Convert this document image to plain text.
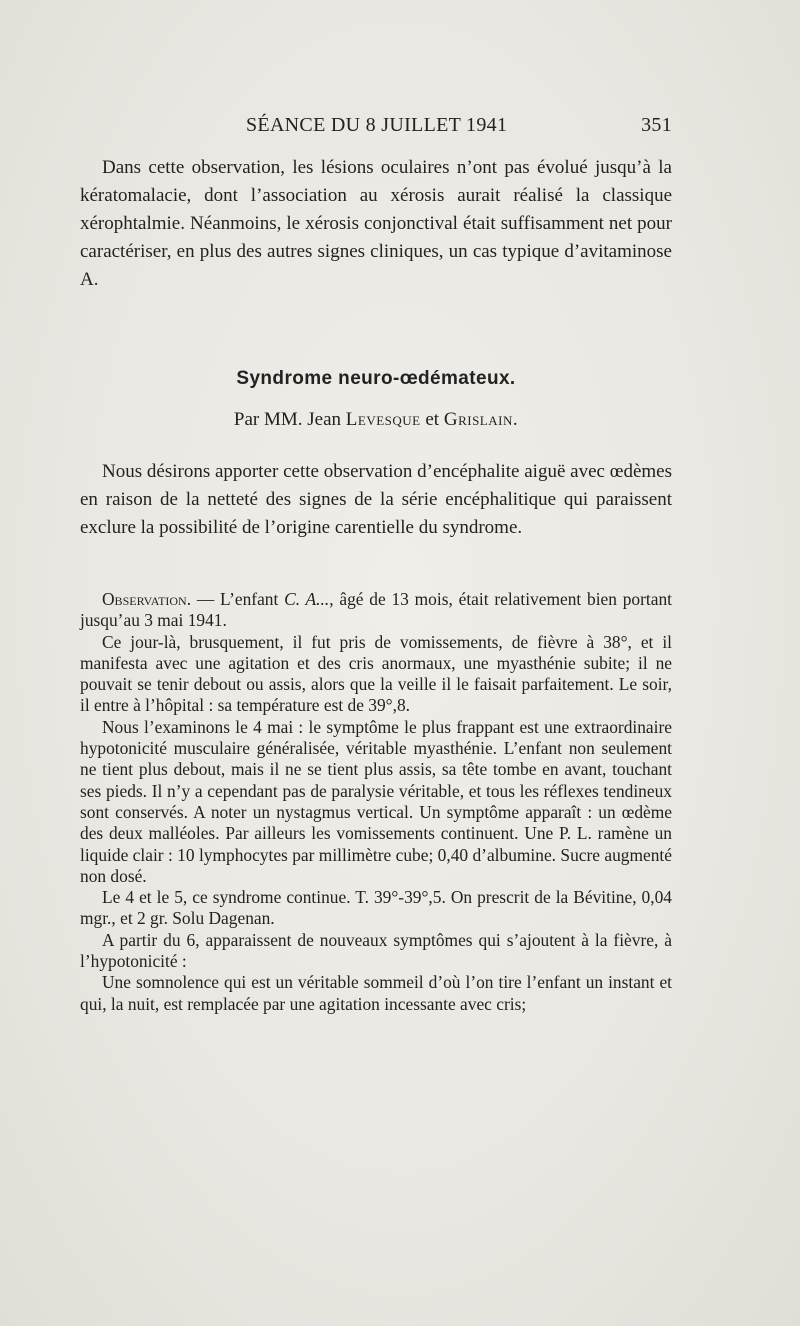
SÉANCE DU 8 JUILLET 1941	351

Dans cette observation, les lésions oculaires n’ont pas évolué jusqu’à la kératomalacie, dont l’association au xérosis aurait réalisé la classique xérophtalmie. Néanmoins, le xérosis conjonctival était suffisamment net pour caractériser, en plus des autres signes cliniques, un cas typique d’avitaminose A.

Syndrome neuro-œdémateux.
Par MM. Jean Levesque et Grislain.

Nous désirons apporter cette observation d’encéphalite aiguë avec œdèmes en raison de la netteté des signes de la série encéphalitique qui paraissent exclure la possibilité de l’origine carentielle du syndrome.

Observation. — L’enfant C. A..., âgé de 13 mois, était relativement bien portant jusqu’au 3 mai 1941.

Ce jour-là, brusquement, il fut pris de vomissements, de fièvre à 38°, et il manifesta avec une agitation et des cris anormaux, une myasthénie subite; il ne pouvait se tenir debout ou assis, alors que la veille il le faisait parfaitement. Le soir, il entre à l’hôpital : sa température est de 39°,8.

Nous l’examinons le 4 mai : le symptôme le plus frappant est une extraordinaire hypotonicité musculaire généralisée, véritable myasthénie. L’enfant non seulement ne tient plus debout, mais il ne se tient plus assis, sa tête tombe en avant, touchant ses pieds. Il n’y a cependant pas de paralysie véritable, et tous les réflexes tendineux sont conservés. A noter un nystagmus vertical. Un symptôme apparaît : un œdème des deux malléoles. Par ailleurs les vomissements continuent. Une P. L. ramène un liquide clair : 10 lymphocytes par millimètre cube; 0,40 d’albumine. Sucre augmenté non dosé.

Le 4 et le 5, ce syndrome continue. T. 39°-39°,5. On prescrit de la Bévitine, 0,04 mgr., et 2 gr. Solu Dagenan.

A partir du 6, apparaissent de nouveaux symptômes qui s’ajoutent à la fièvre, à l’hypotonicité :

Une somnolence qui est un véritable sommeil d’où l’on tire l’enfant un instant et qui, la nuit, est remplacée par une agitation incessante avec cris;
